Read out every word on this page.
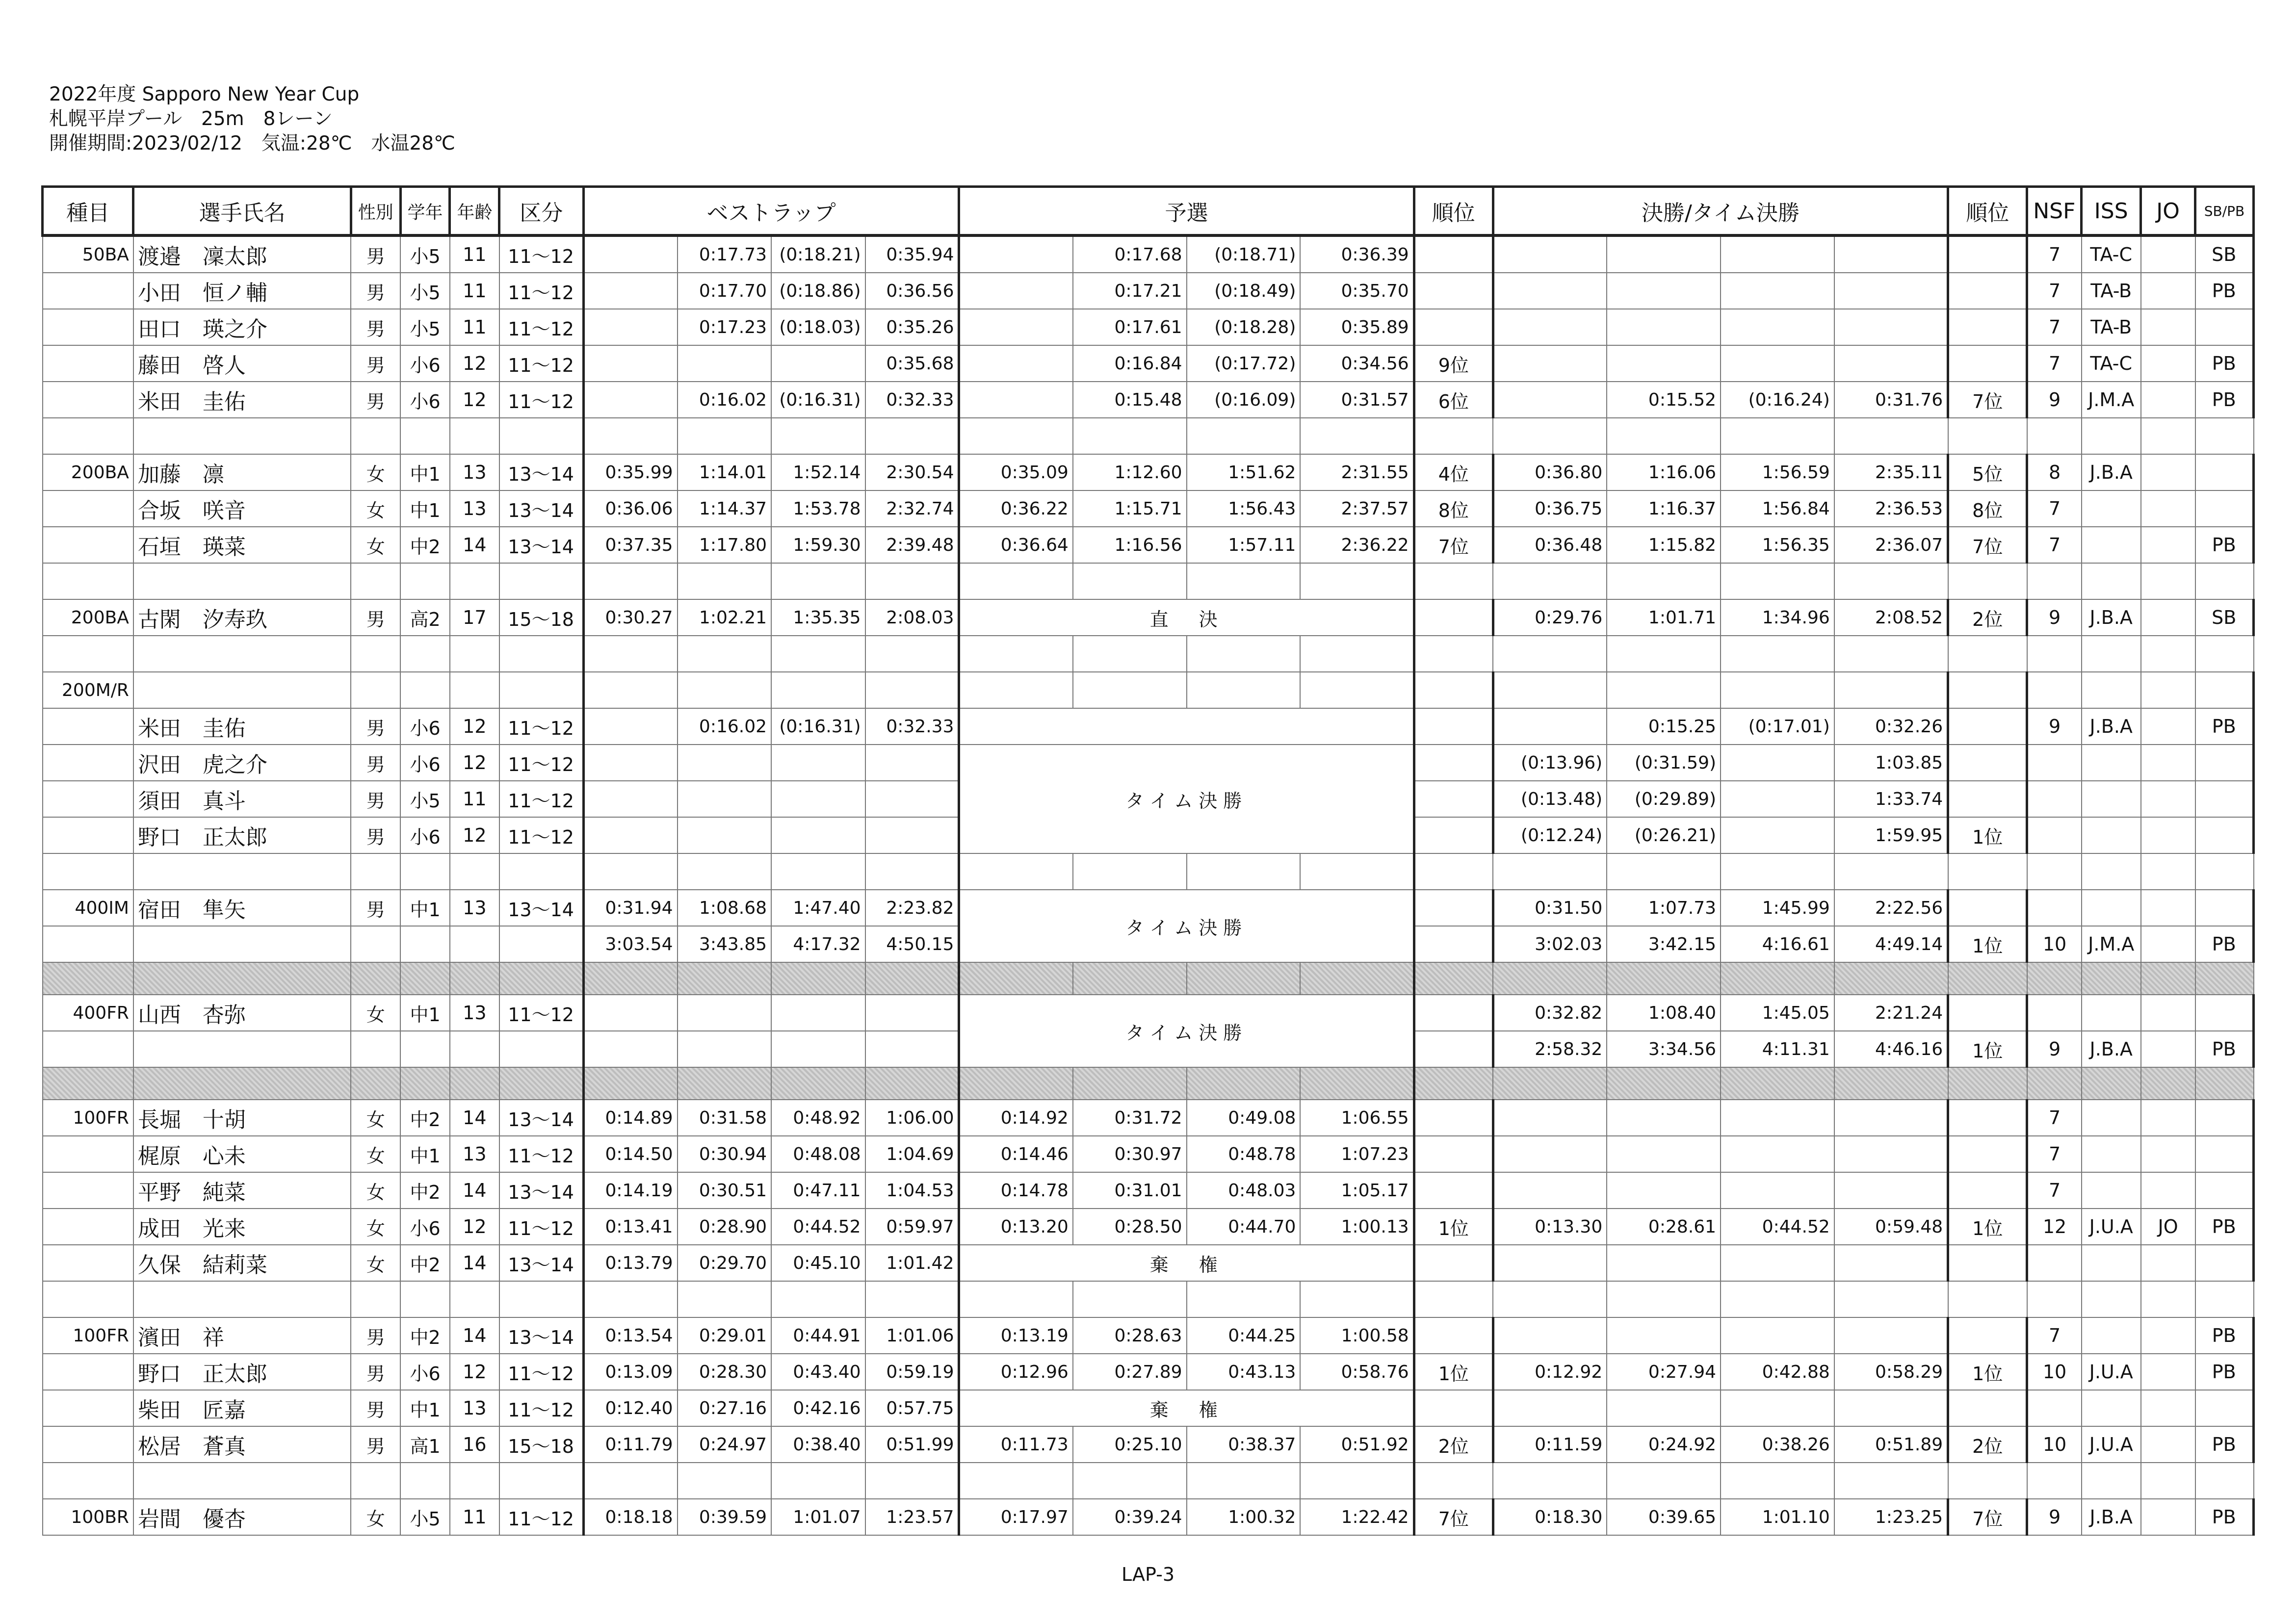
2022年度 Sapporo New Year Cup
札幌平岸プール　25m　8レーン
開催期間:2023/02/12　気温:28℃　水温28℃
種目	選手氏名	性別	学年	年齢	区分	ベストラップ				予選				順位	決勝/タイム決勝				順位	NSF	ISS	JO	SB/PB
50BA	渡邉　凜太郎	男	小5	11	11～12		0:17.73	(0:18.21)	0:35.94		0:17.68	(0:18.71)	0:36.39							7	TA-C		SB
	小田　恒ノ輔	男	小5	11	11～12		0:17.70	(0:18.86)	0:36.56		0:17.21	(0:18.49)	0:35.70							7	TA-B		PB
	田口　瑛之介	男	小5	11	11～12		0:17.23	(0:18.03)	0:35.26		0:17.61	(0:18.28)	0:35.89							7	TA-B		
	藤田　啓人	男	小6	12	11～12				0:35.68		0:16.84	(0:17.72)	0:34.56	9位						7	TA-C		PB
	米田　圭佑	男	小6	12	11～12		0:16.02	(0:16.31)	0:32.33		0:15.48	(0:16.09)	0:31.57	6位		0:15.52	(0:16.24)	0:31.76	7位	9	J.M.A		PB

200BA	加藤　凛	女	中1	13	13～14	0:35.99	1:14.01	1:52.14	2:30.54	0:35.09	1:12.60	1:51.62	2:31.55	4位	0:36.80	1:16.06	1:56.59	2:35.11	5位	8	J.B.A		
	合坂　咲音	女	中1	13	13～14	0:36.06	1:14.37	1:53.78	2:32.74	0:36.22	1:15.71	1:56.43	2:37.57	8位	0:36.75	1:16.37	1:56.84	2:36.53	8位	7			
	石垣　瑛菜	女	中2	14	13～14	0:37.35	1:17.80	1:59.30	2:39.48	0:36.64	1:16.56	1:57.11	2:36.22	7位	0:36.48	1:15.82	1:56.35	2:36.07	7位	7			PB

200BA	古閑　汐寿玖	男	高2	17	15～18	0:30.27	1:02.21	1:35.35	2:08.03	直　決					0:29.76	1:01.71	1:34.96	2:08.52	2位	9	J.B.A		SB

200M/R																							
	米田　圭佑	男	小6	12	11～12		0:16.02	(0:16.31)	0:32.33							0:15.25	(0:17.01)	0:32.26		9	J.B.A		PB
	沢田　虎之介	男	小6	12	11～12					タイム決勝					(0:13.96)	(0:31.59)		1:03.85					
	須田　真斗	男	小5	11	11～12										(0:13.48)	(0:29.89)		1:33.74					
	野口　正太郎	男	小6	12	11～12										(0:12.24)	(0:26.21)		1:59.95	1位				

400IM	宿田　隼矢	男	中1	13	13～14	0:31.94	1:08.68	1:47.40	2:23.82	タイム決勝					0:31.50	1:07.73	1:45.99	2:22.56					
						3:03.54	3:43.85	4:17.32	4:50.15						3:02.03	3:42.15	4:16.61	4:49.14	1位	10	J.M.A		PB

400FR	山西　杏弥	女	中1	13	11～12					タイム決勝					0:32.82	1:08.40	1:45.05	2:21.24					
															2:58.32	3:34.56	4:11.31	4:46.16	1位	9	J.B.A		PB

100FR	長堀　十胡	女	中2	14	13～14	0:14.89	0:31.58	0:48.92	1:06.00	0:14.92	0:31.72	0:49.08	1:06.55							7			
	梶原　心未	女	中1	13	11～12	0:14.50	0:30.94	0:48.08	1:04.69	0:14.46	0:30.97	0:48.78	1:07.23							7			
	平野　純菜	女	中2	14	13～14	0:14.19	0:30.51	0:47.11	1:04.53	0:14.78	0:31.01	0:48.03	1:05.17							7			
	成田　光来	女	小6	12	11～12	0:13.41	0:28.90	0:44.52	0:59.97	0:13.20	0:28.50	0:44.70	1:00.13	1位	0:13.30	0:28.61	0:44.52	0:59.48	1位	12	J.U.A	JO	PB
	久保　結莉菜	女	中2	14	13～14	0:13.79	0:29.70	0:45.10	1:01.42	棄　権													

100FR	濱田　祥	男	中2	14	13～14	0:13.54	0:29.01	0:44.91	1:01.06	0:13.19	0:28.63	0:44.25	1:00.58							7			PB
	野口　正太郎	男	小6	12	11～12	0:13.09	0:28.30	0:43.40	0:59.19	0:12.96	0:27.89	0:43.13	0:58.76	1位	0:12.92	0:27.94	0:42.88	0:58.29	1位	10	J.U.A		PB
	柴田　匠嘉	男	中1	13	11～12	0:12.40	0:27.16	0:42.16	0:57.75	棄　権													
	松居　蒼真	男	高1	16	15～18	0:11.79	0:24.97	0:38.40	0:51.99	0:11.73	0:25.10	0:38.37	0:51.92	2位	0:11.59	0:24.92	0:38.26	0:51.89	2位	10	J.U.A		PB

100BR	岩間　優杏	女	小5	11	11～12	0:18.18	0:39.59	1:01.07	1:23.57	0:17.97	0:39.24	1:00.32	1:22.42	7位	0:18.30	0:39.65	1:01.10	1:23.25	7位	9	J.B.A		PB
LAP-3
